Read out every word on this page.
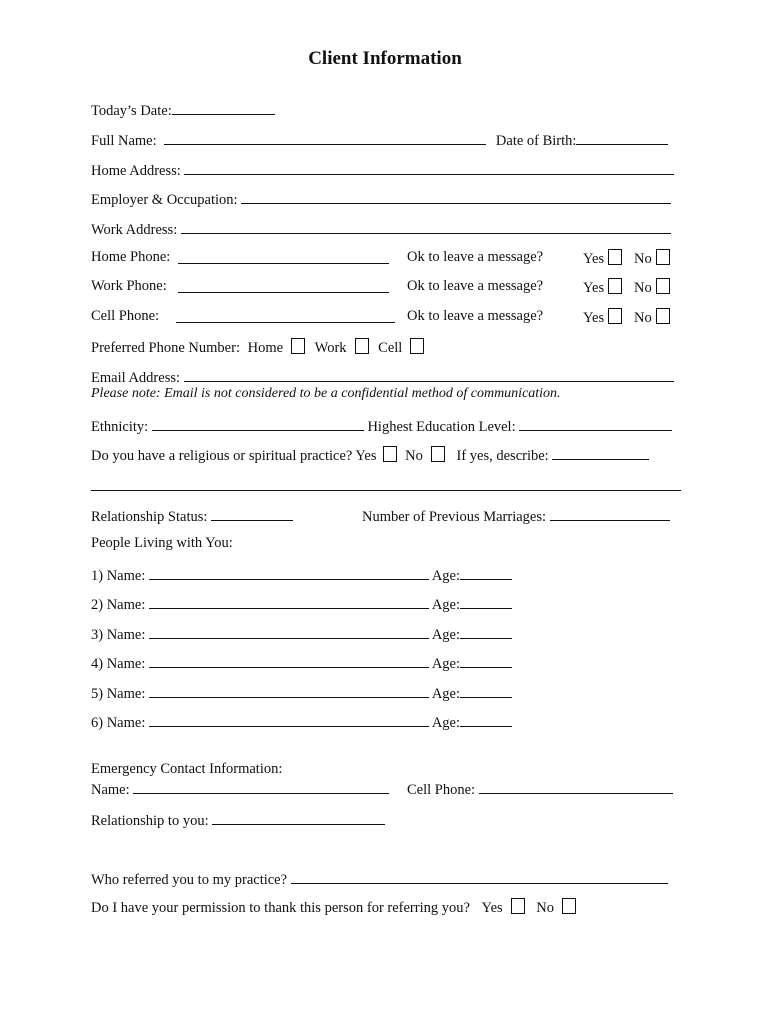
Client Information
Today’s Date:
Full Name:	Date of Birth:
Home Address:
Employer & Occupation:
Work Address:
Home Phone:	Ok to leave a message?	Yes	No
Work Phone:	Ok to leave a message?	Yes	No
Cell Phone:	Ok to leave a message?	Yes	No
Preferred Phone Number: Home Work Cell
Email Address:
Please note: Email is not considered to be a confidential method of communication.
Ethnicity:	Highest Education Level:
Do you have a religious or spiritual practice? Yes No If yes, describe:
Relationship Status:	Number of Previous Marriages:
People Living with You:
1) Name:	Age:
2) Name:	Age:
3) Name:	Age:
4) Name:	Age:
5) Name:	Age:
6) Name:	Age:
Emergency Contact Information:
Name:	Cell Phone:
Relationship to you:
Who referred you to my practice?
Do I have your permission to thank this person for referring you? Yes No
